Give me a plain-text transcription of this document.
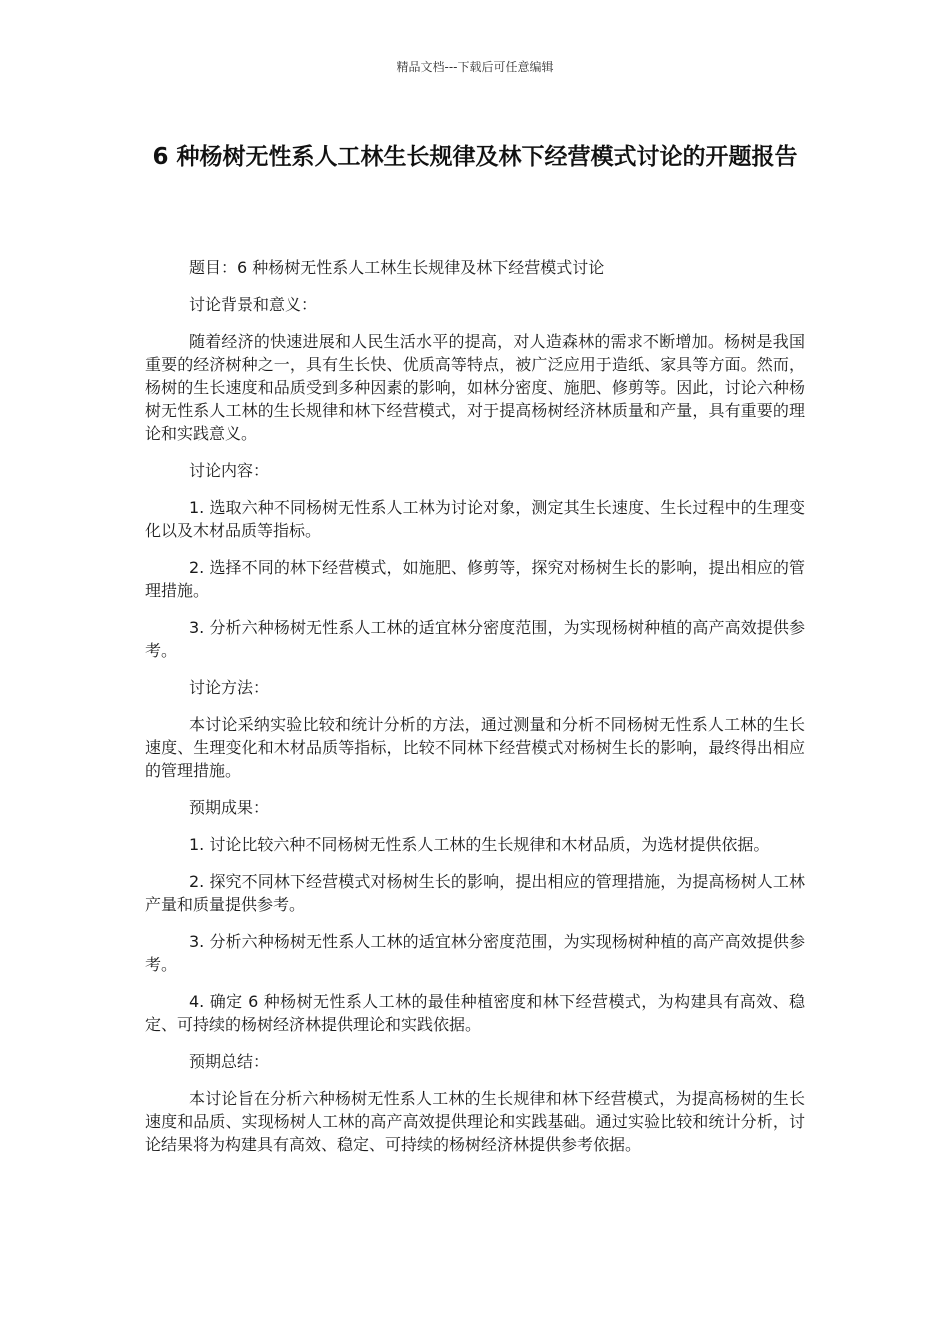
精品文档---下载后可任意编辑
6 种杨树无性系人工林生长规律及林下经营模式讨论的开题报告

题目：6 种杨树无性系人工林生长规律及林下经营模式讨论

讨论背景和意义：

随着经济的快速进展和人民生活水平的提高，对人造森林的需求不断增加。杨树是我国重要的经济树种之一，具有生长快、优质高等特点，被广泛应用于造纸、家具等方面。然而，杨树的生长速度和品质受到多种因素的影响，如林分密度、施肥、修剪等。因此，讨论六种杨树无性系人工林的生长规律和林下经营模式，对于提高杨树经济林质量和产量，具有重要的理论和实践意义。

讨论内容：

1. 选取六种不同杨树无性系人工林为讨论对象，测定其生长速度、生长过程中的生理变化以及木材品质等指标。

2. 选择不同的林下经营模式，如施肥、修剪等，探究对杨树生长的影响，提出相应的管理措施。

3. 分析六种杨树无性系人工林的适宜林分密度范围，为实现杨树种植的高产高效提供参考。

讨论方法：

本讨论采纳实验比较和统计分析的方法，通过测量和分析不同杨树无性系人工林的生长速度、生理变化和木材品质等指标，比较不同林下经营模式对杨树生长的影响，最终得出相应的管理措施。

预期成果：

1. 讨论比较六种不同杨树无性系人工林的生长规律和木材品质，为选材提供依据。

2. 探究不同林下经营模式对杨树生长的影响，提出相应的管理措施，为提高杨树人工林产量和质量提供参考。

3. 分析六种杨树无性系人工林的适宜林分密度范围，为实现杨树种植的高产高效提供参考。

4. 确定 6 种杨树无性系人工林的最佳种植密度和林下经营模式，为构建具有高效、稳定、可持续的杨树经济林提供理论和实践依据。

预期总结：

本讨论旨在分析六种杨树无性系人工林的生长规律和林下经营模式，为提高杨树的生长速度和品质、实现杨树人工林的高产高效提供理论和实践基础。通过实验比较和统计分析，讨论结果将为构建具有高效、稳定、可持续的杨树经济林提供参考依据。
